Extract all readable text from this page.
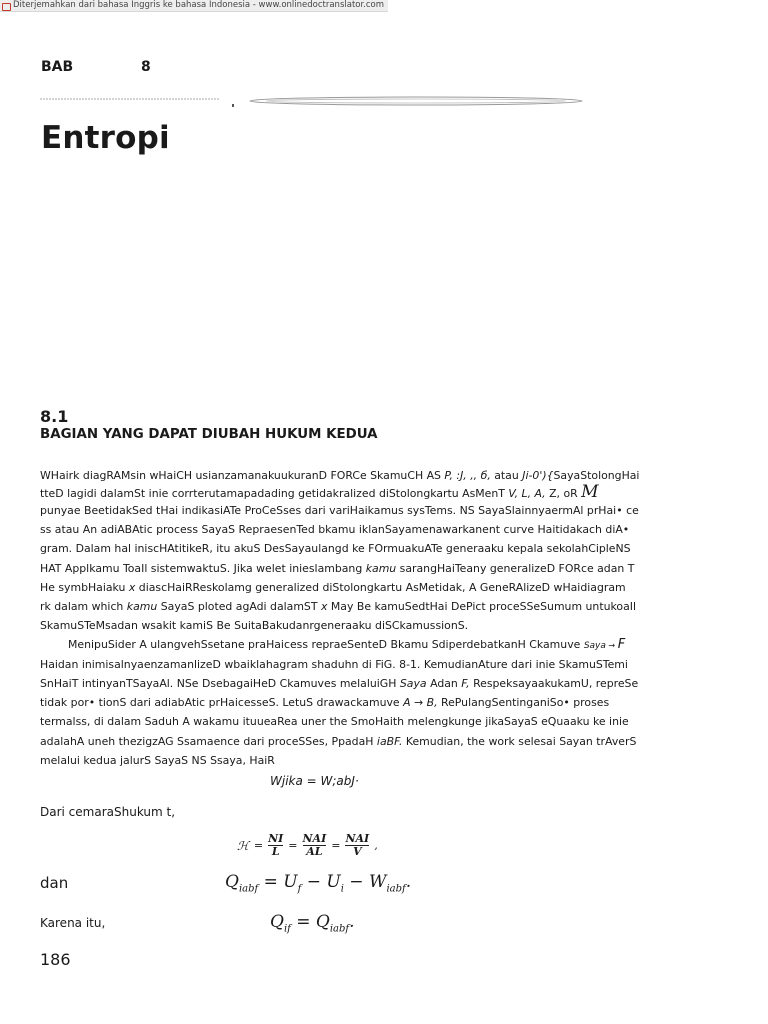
Diterjemahkan dari bahasa Inggris ke bahasa Indonesia - www.onlinedoctranslator.com
BAB	8
Entropi
8.1
BAGIAN YANG DAPAT DIUBAH HUKUM KEDUA
WHairk diagRAMsin wHaiCH usianzamanakuukuranD FORCe SkamuCH AS P, :J, ,, б, atau Ji-0'){SayaStolongHai
tteD lagidi dalamSt inie corrterutamapadading getidakralized diStolongkartu AsMenT V, L, A, Z, oR M
punyae BeetidakSed tHai indikasiATe ProCeSses dari variHaikamus sysTems. NS SayaSlainnyaermAl prHai• ce
ss atau An adiABAtic process SayaS RepraesenTed bkamu iklanSayamenawarkanent curve Haitidakach diA•
gram. Dalam hal iniscHAtitikeR, itu akuS DesSayaulangd ke FOrmuakuATe generaaku kepala sekolahCipleNS
HAT Applkamu ToaIl sistemwaktuS. Jika welet inieslambang kamu sarangHaiTeany generalizeD FORce adan T
He symbHaiaku x diascHaiRReskolamg generalized diStolongkartu AsMetidak, A GeneRAlizeD wHaidiagram
rk dalam which kamu SayaS ploted agAdi dalamST x May Be kamuSedtHai DePict proceSSeSumum untukoaIl
SkamuSTeMsadan wsakit kamiS Be SuitaBakudanrgeneraaku diSCkamussionS.
MenipuSider A ulangvehSsetane praHaicess repraeSenteD Bkamu SdiperdebatkanH Ckamuve Saya → F
Haidan inimisalnyaenzamanlizeD wbaiklahagram shaduhn di FiG. 8-1. KemudianAture dari inie SkamuSTemi
SnHaiT intinyanTSayaAl. NSe DsebagaiHeD Ckamuves melaluiGH Saya Adan F, RespeksayaakukamU, repreSe
tidak por• tionS dari adiabAtic prHaicesseS. LetuS drawackamuve A → B, RePulangSentinganiSo• proses
termalss, di dalam Saduh A wakamu ituueaRea uner the SmoHaith melengkunge jikaSayaS eQuaaku ke inie
adalahA uneh thezigzAG Ssamaence dari proceSSes, PpadaH iaBF. Kemudian, the work selesai Sayan trAverS
melalui kedua jalurS SayaS NS Ssaya, HaiR
Wjika = W;abJ·
Dari cemaraShukum t,
ℋ = $\frac{NI}{L} = \frac{\text{NAI}}{AL} = \frac{\text{NAI}}{V}$ ,
dan	$Q_{iabf} = U_f - U_i - W_{iabf}$.
Karena itu,	$Q_{if} = Q_{iabf}$.
186
